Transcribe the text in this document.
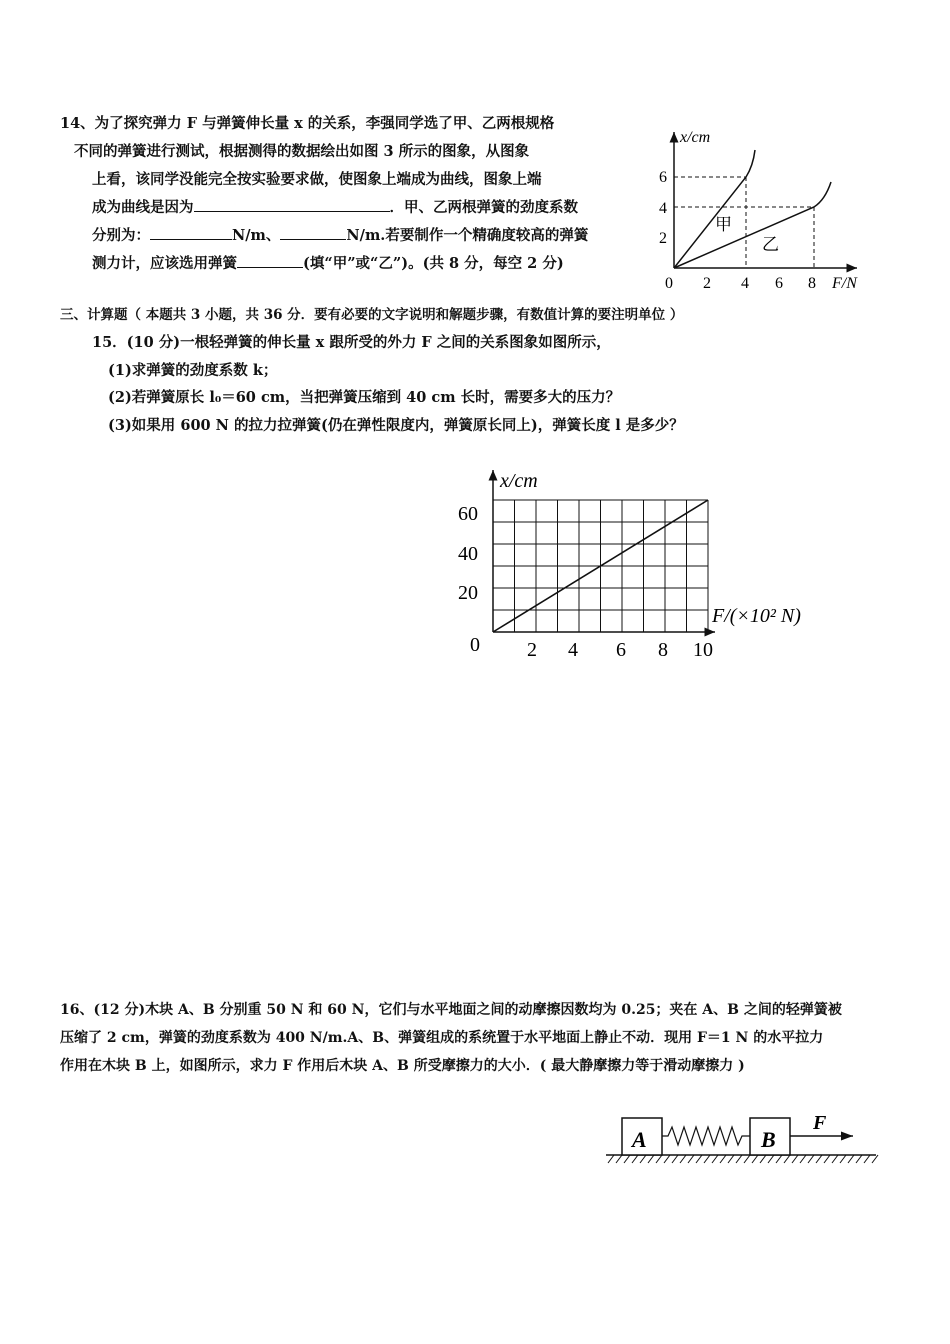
14、为了探究弹力 F 与弹簧伸长量 x 的关系，李强同学选了甲、乙两根规格
不同的弹簧进行测试，根据测得的数据绘出如图 3 所示的图象，从图象
上看，该同学没能完全按实验要求做，使图象上端成为曲线，图象上端
成为曲线是因为	．甲、乙两根弹簧的劲度系数
分别为：	N/m、	N/m.若要制作一个精确度较高的弹簧
测力计，应该选用弹簧	(填“甲”或“乙”)。(共 8 分，每空 2 分)
x/cm
F/N
6
4
2
0 2 4 6 8
甲
乙
三、计算题（ 本题共 3 小题，共 36 分．要有必要的文字说明和解题步骤，有数值计算的要注明单位 ）
15．(10 分)一根轻弹簧的伸长量 x 跟所受的外力 F 之间的关系图象如图所示，
(1)求弹簧的劲度系数 k；
(2)若弹簧原长 l₀＝60 cm，当把弹簧压缩到 40 cm 长时，需要多大的压力？
(3)如果用 600 N 的拉力拉弹簧(仍在弹性限度内，弹簧原长同上)，弹簧长度 l 是多少？
x/cm
F/(×10² N)
60
40
20
0 2 4 6 8 10
16、(12 分)木块 A、B 分别重 50 N 和 60 N，它们与水平地面之间的动摩擦因数均为 0.25；夹在 A、B 之间的轻弹簧被
压缩了 2 cm，弹簧的劲度系数为 400 N/m.A、B、弹簧组成的系统置于水平地面上静止不动．现用 F＝1 N 的水平拉力
作用在木块 B 上，如图所示，求力 F 作用后木块 A、B 所受摩擦力的大小．( 最大静摩擦力等于滑动摩擦力 )
A	B
F
